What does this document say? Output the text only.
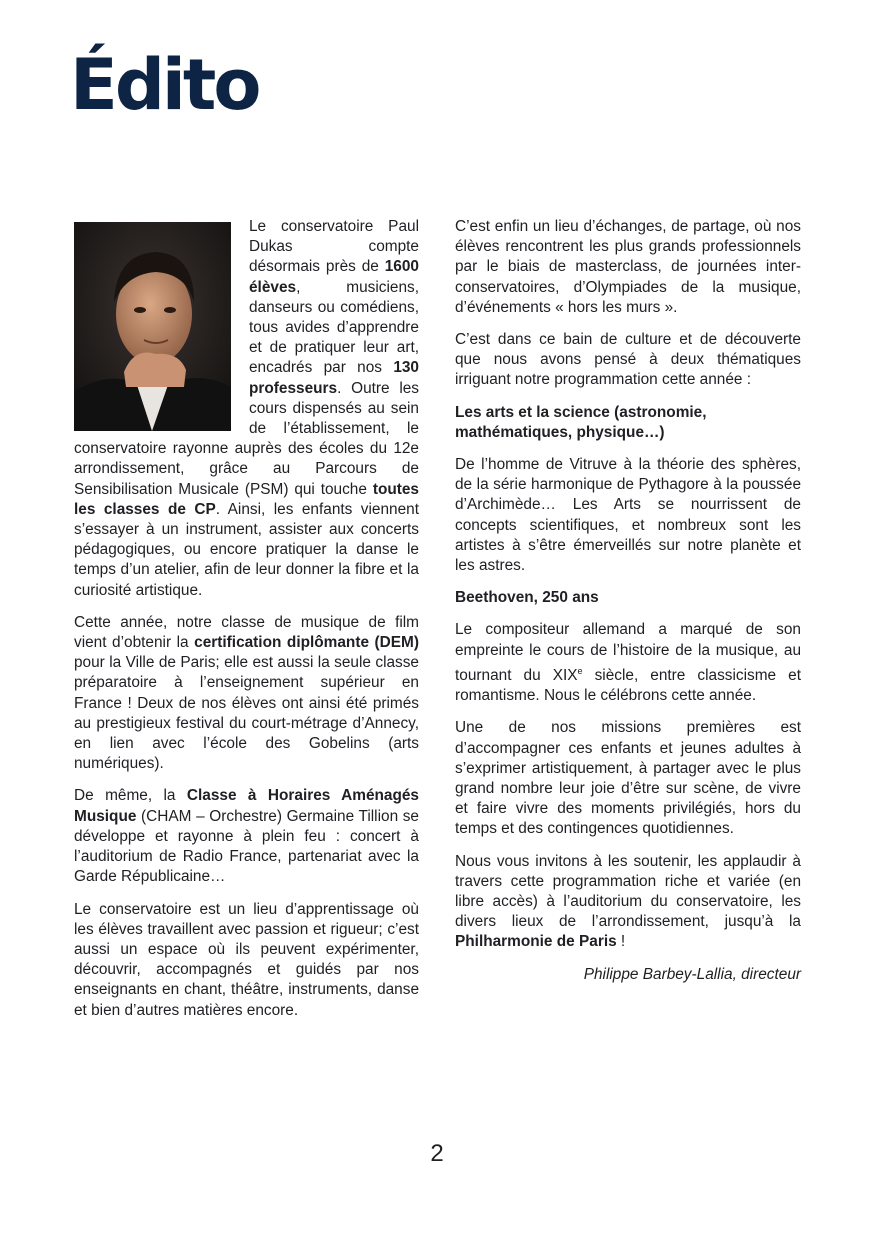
Édito

Le conservatoire Paul Dukas compte désormais près de 1600 élèves, musiciens, danseurs ou comédiens, tous avides d’apprendre et de pratiquer leur art, encadrés par nos 130 professeurs. Outre les cours dispensés au sein de l’établissement, le conservatoire rayonne auprès des écoles du 12e arrondissement, grâce au Parcours de Sensibilisation Musicale (PSM) qui touche toutes les classes de CP. Ainsi, les enfants viennent s’essayer à un instrument, assister aux concerts pédagogiques, ou encore pratiquer la danse le temps d’un atelier, afin de leur donner la fibre et la curiosité artistique.

Cette année, notre classe de musique de film vient d’obtenir la certification diplômante (DEM) pour la Ville de Paris; elle est aussi la seule classe préparatoire à l’enseignement supérieur en France ! Deux de nos élèves ont ainsi été primés au prestigieux festival du court-métrage d’Annecy, en lien avec l’école des Gobelins (arts numériques).

De même, la Classe à Horaires Aménagés Musique (CHAM – Orchestre) Germaine Tillion se développe et rayonne à plein feu : concert à l’auditorium de Radio France, partenariat avec la Garde Républicaine…

Le conservatoire est un lieu d’apprentissage où les élèves travaillent avec passion et rigueur; c’est aussi un espace où ils peuvent expérimenter, découvrir, accompagnés et guidés par nos enseignants en chant, théâtre, instruments, danse et bien d’autres matières encore.

C’est enfin un lieu d’échanges, de partage, où nos élèves rencontrent les plus grands professionnels par le biais de masterclass, de journées inter-conservatoires, d’Olympiades de la musique, d’événements « hors les murs ».

C’est dans ce bain de culture et de découverte que nous avons pensé à deux thématiques irriguant notre programmation cette année :

Les arts et la science (astronomie, mathématiques, physique…)

De l’homme de Vitruve à la théorie des sphères, de la série harmonique de Pythagore à la poussée d’Archimède… Les Arts se nourrissent de concepts scientifiques, et nombreux sont les artistes à s’être émerveillés sur notre planète et les astres.

Beethoven, 250 ans

Le compositeur allemand a marqué de son empreinte le cours de l’histoire de la musique, au tournant du XIXe siècle, entre classicisme et romantisme. Nous le célébrons cette année.

Une de nos missions premières est d’accompagner ces enfants et jeunes adultes à s’exprimer artistiquement, à partager avec le plus grand nombre leur joie d’être sur scène, de vivre et faire vivre des moments privilégiés, hors du temps et des contingences quotidiennes.

Nous vous invitons à les soutenir, les applaudir à travers cette programmation riche et variée (en libre accès) à l’auditorium du conservatoire, les divers lieux de l’arrondissement, jusqu’à la Philharmonie de Paris !

Philippe Barbey-Lallia, directeur

2
